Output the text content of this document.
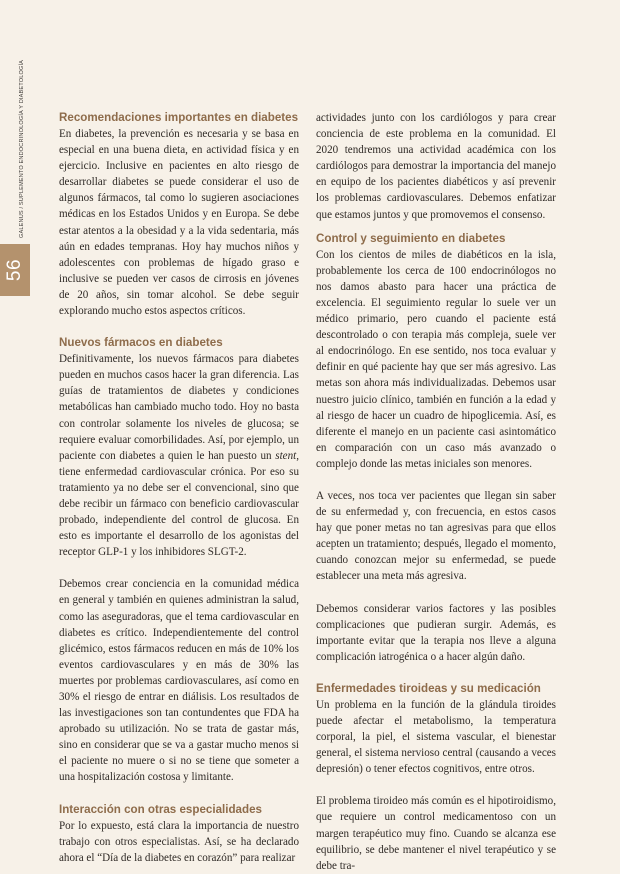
56
GALENUS / SUPLEMENTO ENDOCRINOLOGÍA Y DIABETOLOGÍA	Recomendaciones importantes en diabetes

En diabetes, la prevención es necesaria y se basa en especial en una buena dieta, en actividad física y en ejercicio. Inclusive en pacientes en alto riesgo de desarrollar diabetes se puede considerar el uso de algunos fármacos, tal como lo sugieren asociaciones médicas en los Estados Unidos y en Europa. Se debe estar atentos a la obesidad y a la vida sedentaria, más aún en edades tempranas. Hoy hay muchos niños y adolescentes con problemas de hígado graso e inclusive se pueden ver casos de cirrosis en jóvenes de 20 años, sin tomar alcohol. Se debe seguir explorando mucho estos aspectos críticos.

Nuevos fármacos en diabetes

Definitivamente, los nuevos fármacos para diabetes pueden en muchos casos hacer la gran diferencia. Las guías de tratamientos de diabetes y condiciones metabólicas han cambiado mucho todo. Hoy no basta con controlar solamente los niveles de glucosa; se requiere evaluar comorbilidades. Así, por ejemplo, un paciente con diabetes a quien le han puesto un stent, tiene enfermedad cardiovascular crónica. Por eso su tratamiento ya no debe ser el convencional, sino que debe recibir un fármaco con beneficio cardiovascular probado, independiente del control de glucosa. En esto es importante el desarrollo de los agonistas del receptor GLP-1 y los inhibidores SLGT-2.

Debemos crear conciencia en la comunidad médica en general y también en quienes administran la salud, como las aseguradoras, que el tema cardiovascular en diabetes es crítico. Independientemente del control glicémico, estos fármacos reducen en más de 10% los eventos cardiovasculares y en más de 30% las muertes por problemas cardiovasculares, así como en 30% el riesgo de entrar en diálisis. Los resultados de las investigaciones son tan contundentes que FDA ha aprobado su utilización. No se trata de gastar más, sino en considerar que se va a gastar mucho menos si el paciente no muere o si no se tiene que someter a una hospitalización costosa y limitante.

Interacción con otras especialidades

Por lo expuesto, está clara la importancia de nuestro trabajo con otros especialistas. Así, se ha declarado ahora el “Día de la diabetes en corazón” para realizar

actividades junto con los cardiólogos y para crear conciencia de este problema en la comunidad. El 2020 tendremos una actividad académica con los cardiólogos para demostrar la importancia del manejo en equipo de los pacientes diabéticos y así prevenir los problemas cardiovasculares. Debemos enfatizar que estamos juntos y que promovemos el consenso.

Control y seguimiento en diabetes

Con los cientos de miles de diabéticos en la isla, probablemente los cerca de 100 endocrinólogos no nos damos abasto para hacer una práctica de excelencia. El seguimiento regular lo suele ver un médico primario, pero cuando el paciente está descontrolado o con terapia más compleja, suele ver al endocrinólogo. En ese sentido, nos toca evaluar y definir en qué paciente hay que ser más agresivo. Las metas son ahora más individualizadas. Debemos usar nuestro juicio clínico, también en función a la edad y al riesgo de hacer un cuadro de hipoglicemia. Así, es diferente el manejo en un paciente casi asintomático en comparación con un caso más avanzado o complejo donde las metas iniciales son menores.

A veces, nos toca ver pacientes que llegan sin saber de su enfermedad y, con frecuencia, en estos casos hay que poner metas no tan agresivas para que ellos acepten un tratamiento; después, llegado el momento, cuando conozcan mejor su enfermedad, se puede establecer una meta más agresiva.

Debemos considerar varios factores y las posibles complicaciones que pudieran surgir. Además, es importante evitar que la terapia nos lleve a alguna complicación iatrogénica o a hacer algún daño.

Enfermedades tiroideas y su medicación

Un problema en la función de la glándula tiroides puede afectar el metabolismo, la temperatura corporal, la piel, el sistema vascular, el bienestar general, el sistema nervioso central (causando a veces depresión) o tener efectos cognitivos, entre otros.

El problema tiroideo más común es el hipotiroidismo, que requiere un control medicamentoso con un margen terapéutico muy fino. Cuando se alcanza ese equilibrio, se debe mantener el nivel terapéutico y se debe tra-
